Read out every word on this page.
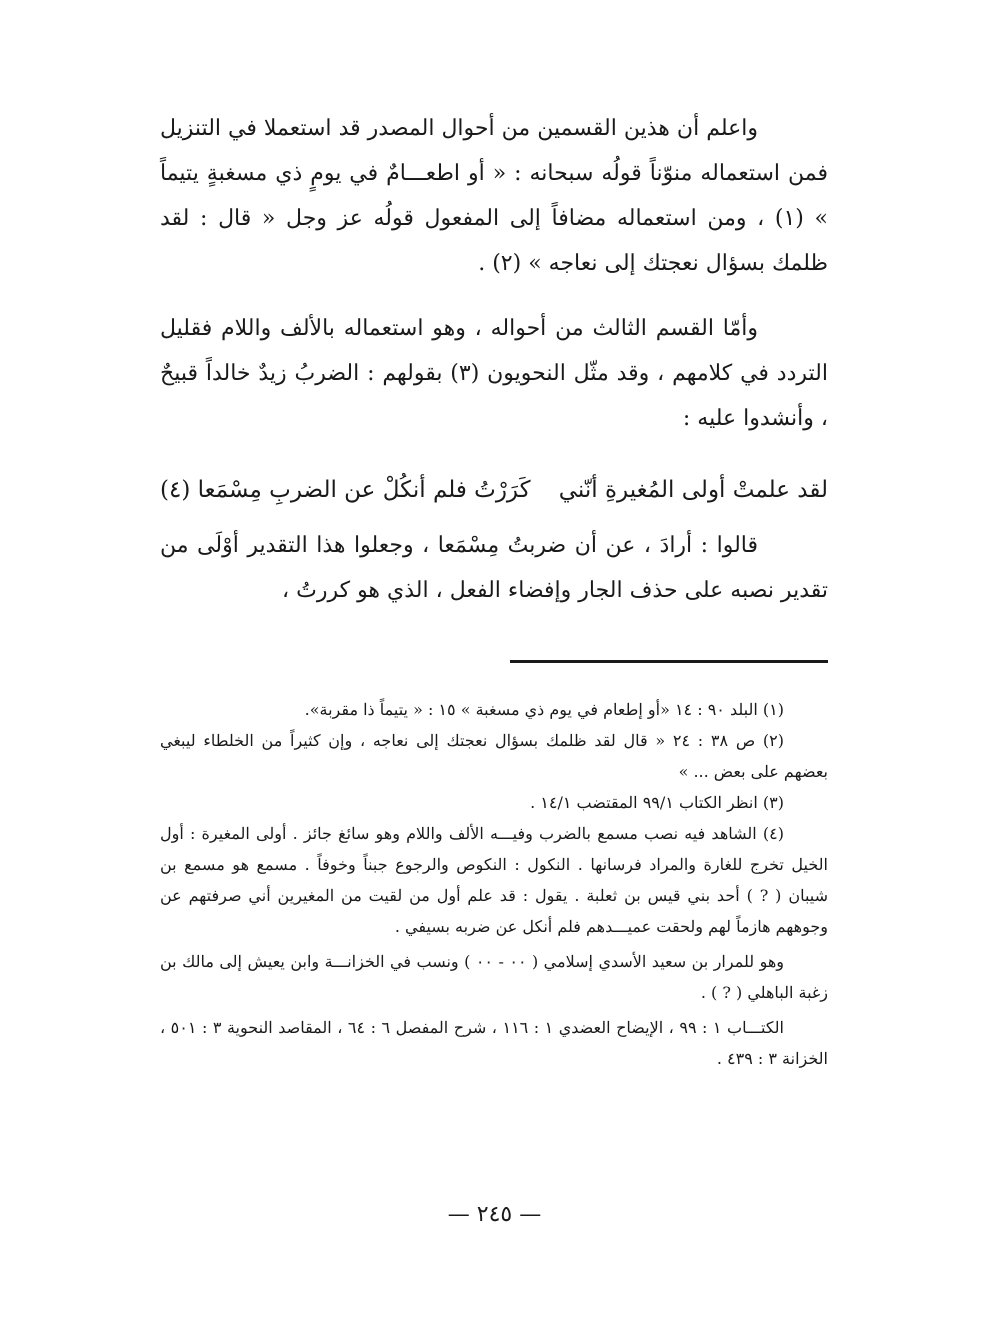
واعلم أن هذين القسمين من أحوال المصدر قد استعملا في التنزيل فمن استعماله منوّناً قولُه سبحانه : « أو اطعـــامٌ في يومٍ ذي مسغبةٍ يتيماً » (١) ، ومن استعماله مضافاً إلى المفعول قولُه عز وجل « قال : لقد ظلمك بسؤال نعجتك إلى نعاجه » (٢) .

وأمّا القسم الثالث من أحواله ، وهو استعماله بالألف واللام فقليل التردد في كلامهم ، وقد مثّل النحويون (٣) بقولهم : الضربُ زيدٌ خالداً قبيحٌ ، وأنشدوا عليه :

لقد علمتْ أولى المُغيرةِ أنّني
كَرَرْتُ فلم أنكُلْ عن الضربِ مِسْمَعا (٤)

قالوا : أرادَ ، عن أن ضربتُ مِسْمَعا ، وجعلوا هذا التقدير أوْلَى من تقدير نصبه على حذف الجار وإفضاء الفعل ، الذي هو كررتُ ،

(١) البلد ٩٠ : ١٤ «أو إطعام في يوم ذي مسغبة » ١٥ : « يتيماً ذا مقربة».

(٢) ص ٣٨ : ٢٤ « قال لقد ظلمك بسؤال نعجتك إلى نعاجه ، وإن كثيراً من الخلطاء ليبغي بعضهم على بعض ... »

(٣) انظر الكتاب ٩٩/١ المقتضب ١٤/١ .

(٤) الشاهد فيه نصب مسمع بالضرب وفيـــه الألف واللام وهو سائغ جائز . أولى المغيرة : أول الخيل تخرج للغارة والمراد فرسانها . النكول : النكوص والرجوع جبناً وخوفاً . مسمع هو مسمع بن شيبان ( ? ) أحد بني قيس بن ثعلبة . يقول : قد علم أول من لقيت من المغيرين أني صرفتهم عن وجوههم هازماً لهم ولحقت عميـــدهم فلم أنكل عن ضربه بسيفي .

وهو للمرار بن سعيد الأسدي إسلامي ( ٠٠ - ٠٠ ) ونسب في الخزانـــة وابن يعيش إلى مالك بن زغبة الباهلي ( ? ) .

الكتـــاب ١ : ٩٩ ، الإيضاح العضدي ١ : ١١٦ ، شرح المفصل ٦ : ٦٤ ، المقاصد النحوية ٣ : ٥٠١ ، الخزانة ٣ : ٤٣٩ .

— ٢٤٥ —
